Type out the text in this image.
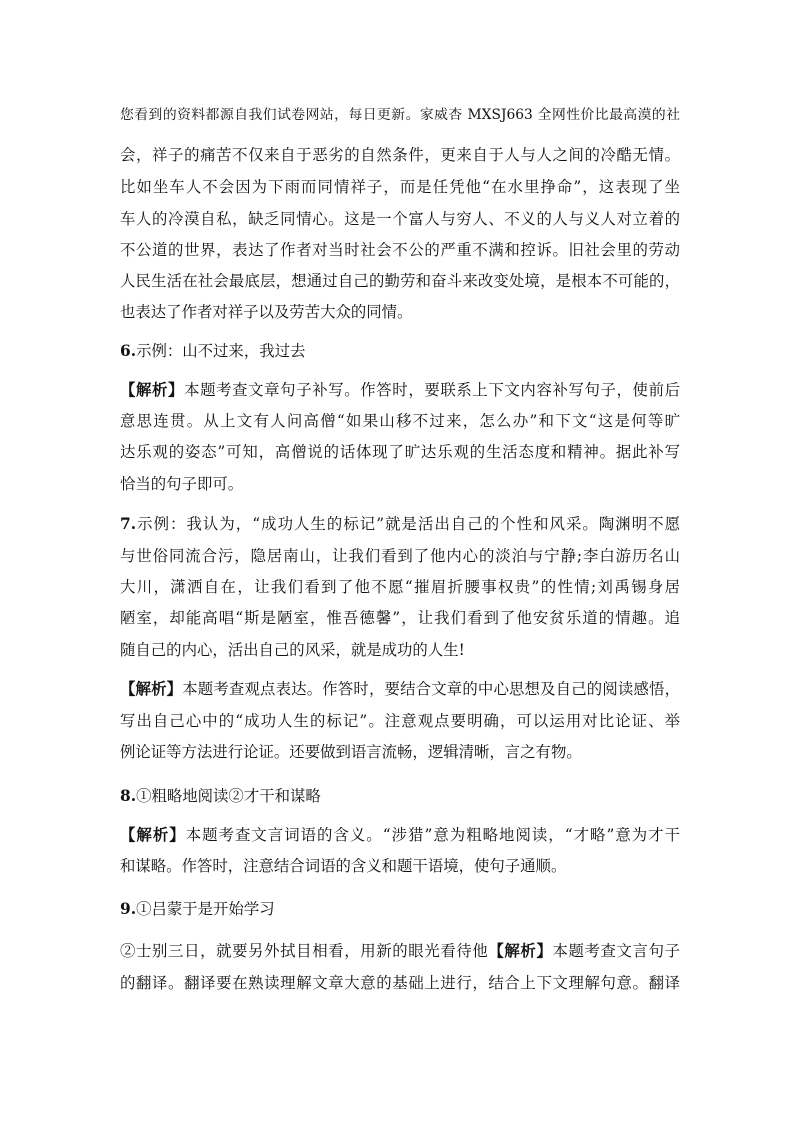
您看到的资料都源自我们试卷网站，每日更新。家威杏 MXSJ663 全网性价比最高漠的社
会，祥子的痛苦不仅来自于恶劣的自然条件，更来自于人与人之间的冷酷无情。
比如坐车人不会因为下雨而同情祥子，而是任凭他“在水里挣命”，这表现了坐
车人的冷漠自私，缺乏同情心。这是一个富人与穷人、不义的人与义人对立着的
不公道的世界，表达了作者对当时社会不公的严重不满和控诉。旧社会里的劳动
人民生活在社会最底层，想通过自己的勤劳和奋斗来改变处境，是根本不可能的，
也表达了作者对祥子以及劳苦大众的同情。
6.示例：山不过来，我过去
【解析】本题考查文章句子补写。作答时，要联系上下文内容补写句子，使前后
意思连贯。从上文有人问高僧“如果山移不过来，怎么办”和下文“这是何等旷
达乐观的姿态”可知，高僧说的话体现了旷达乐观的生活态度和精神。据此补写
恰当的句子即可。
7.示例：我认为，“成功人生的标记”就是活出自己的个性和风采。陶渊明不愿
与世俗同流合污，隐居南山，让我们看到了他内心的淡泊与宁静;李白游历名山
大川，潇洒自在，让我们看到了他不愿“摧眉折腰事权贵”的性情;刘禹锡身居
陋室，却能高唱“斯是陋室，惟吾德馨”，让我们看到了他安贫乐道的情趣。追
随自己的内心，活出自己的风采，就是成功的人生!
【解析】本题考查观点表达。作答时，要结合文章的中心思想及自己的阅读感悟，
写出自己心中的“成功人生的标记”。注意观点要明确，可以运用对比论证、举
例论证等方法进行论证。还要做到语言流畅，逻辑清晰，言之有物。
8.①粗略地阅读②才干和谋略
【解析】本题考查文言词语的含义。“涉猎”意为粗略地阅读，“才略”意为才干
和谋略。作答时，注意结合词语的含义和题干语境，使句子通顺。
9.①吕蒙于是开始学习
②士别三日，就要另外拭目相看，用新的眼光看待他【解析】本题考查文言句子
的翻译。翻译要在熟读理解文章大意的基础上进行，结合上下文理解句意。翻译
